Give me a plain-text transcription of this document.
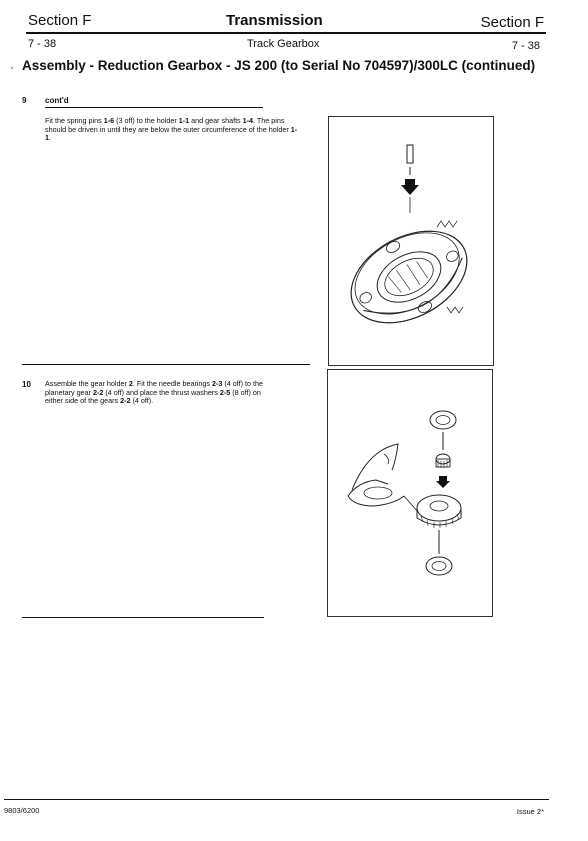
Section F	Transmission	Section F
7 - 38	Track Gearbox	7 - 38
· Assembly - Reduction Gearbox - JS 200 (to Serial No 704597)/300LC (continued)
9 cont'd
Fit the spring pins 1-6 (3 off) to the holder 1-1 and gear shafts 1-4. The pins should be driven in until they are below the outer circumference of the holder 1-1.
10 Assemble the gear holder 2. Fit the needle bearings 2-3 (4 off) to the planetary gear 2-2 (4 off) and place the thrust washers 2-5 (8 off) on either side of the gears 2-2 (4 off).
9803/6200	Issue 2*
